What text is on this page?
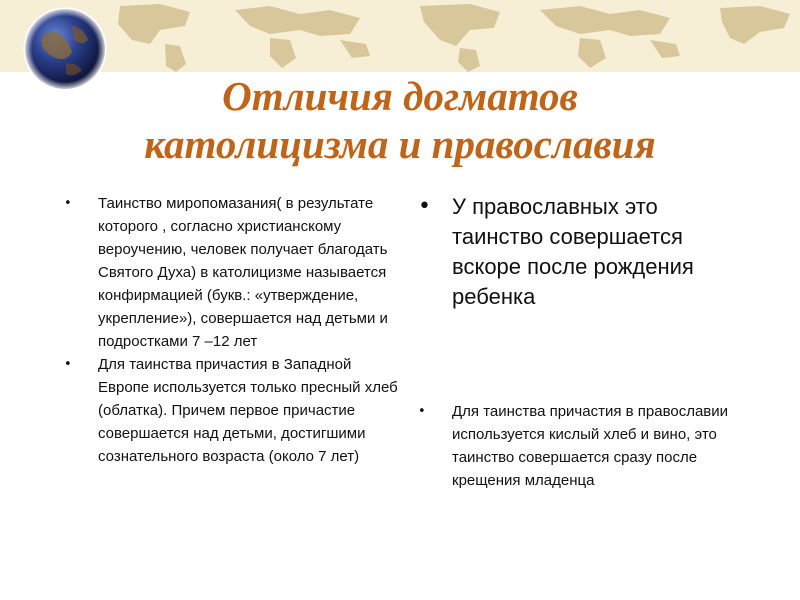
Отличия догматов
католицизма и православия
• Таинство миропомазания( в результате которого , согласно христианскому вероучению, человек получает благодать Святого Духа) в католицизме называется конфирмацией (букв.: «утверждение, укрепление»), совершается над детьми и подростками 7 –12 лет
• Для таинства причастия в Западной Европе используется только пресный хлеб (облатка). Причем первое причастие совершается над детьми, достигшими сознательного возраста (около 7 лет)
• У православных это таинство совершается вскоре после рождения ребенка
• Для таинства причастия в православии используется кислый хлеб и вино, это таинство совершается сразу после крещения младенца
